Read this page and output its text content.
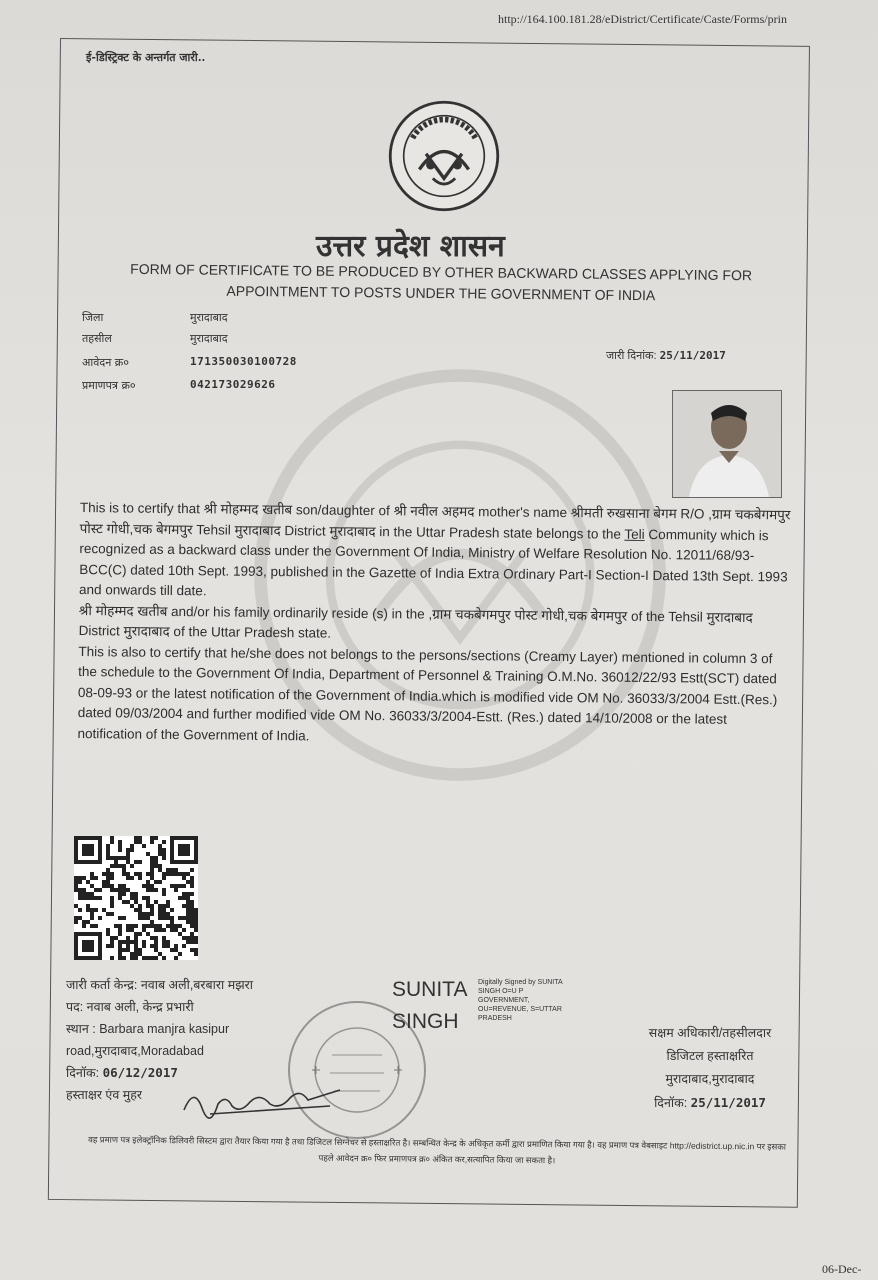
http://164.100.181.28/eDistrict/Certificate/Caste/Forms/prin
ई-डिस्ट्रिक्ट के अन्तर्गत जारी..
उत्तर प्रदेश शासन
FORM OF CERTIFICATE TO BE PRODUCED BY OTHER BACKWARD CLASSES APPLYING FOR APPOINTMENT TO POSTS UNDER THE GOVERNMENT OF INDIA
जिला	मुरादाबाद
तहसील	मुरादाबाद
आवेदन क्र०	171350030100728
प्रमाणपत्र क्र०	042173029626
जारी दिनांक: 25/11/2017

This is to certify that श्री मोहम्मद खतीब son/daughter of श्री नवील अहमद mother's name श्रीमती रुखसाना बेगम R/O ,ग्राम चकबेगमपुर पोस्ट गोधी,चक बेगमपुर Tehsil मुरादाबाद District मुरादाबाद in the Uttar Pradesh state belongs to the Teli Community which is recognized as a backward class under the Government Of India, Ministry of Welfare Resolution No. 12011/68/93-BCC(C) dated 10th Sept. 1993, published in the Gazette of India Extra Ordinary Part-I Section-I Dated 13th Sept. 1993 and onwards till date.

श्री मोहम्मद खतीब and/or his family ordinarily reside (s) in the ,ग्राम चकबेगमपुर पोस्ट गोधी,चक बेगमपुर of the Tehsil मुरादाबाद District मुरादाबाद of the Uttar Pradesh state.

This is also to certify that he/she does not belongs to the persons/sections (Creamy Layer) mentioned in column 3 of the schedule to the Government Of India, Department of Personnel & Training O.M.No. 36012/22/93 Estt(SCT) dated 08-09-93 or the latest notification of the Government of India.which is modified vide OM No. 36033/3/2004 Estt.(Res.) dated 09/03/2004 and further modified vide OM No. 36033/3/2004-Estt. (Res.) dated 14/10/2008 or the latest notification of the Government of India.

जारी कर्ता केन्द्र: नवाब अली,बरबारा मझरा
पद: नवाब अली, केन्द्र प्रभारी
स्थान : Barbara manjra kasipur
road,मुरादाबाद,Moradabad
दिनॉक: 06/12/2017
हस्ताक्षर एंव मुहर
SUNITA
SINGH
Digitally Signed by SUNITA
SINGH O=U P
GOVERNMENT,
OU=REVENUE, S=UTTAR
PRADESH
सक्षम अधिकारी/तहसीलदार
डिजिटल हस्ताक्षरित
मुरादाबाद,मुरादाबाद
दिनॉक: 25/11/2017
वह प्रमाण पत्र इलेक्ट्रॉनिक डिलिवरी सिस्टम द्वारा तैयार किया गया है तथा डिजिटल सिग्नेचर से हस्ताक्षरित है। सम्बन्धित केन्द्र के अधिकृत कर्मी द्वारा प्रमाणित किया गया है। वह प्रमाण पत्र वेबसाइट http://edistrict.up.nic.in पर इसका पहले आवेदन क्र० फिर प्रमाणपत्र क्र० अंकित कर,सत्यापित किया जा सकता है।
06-Dec-
